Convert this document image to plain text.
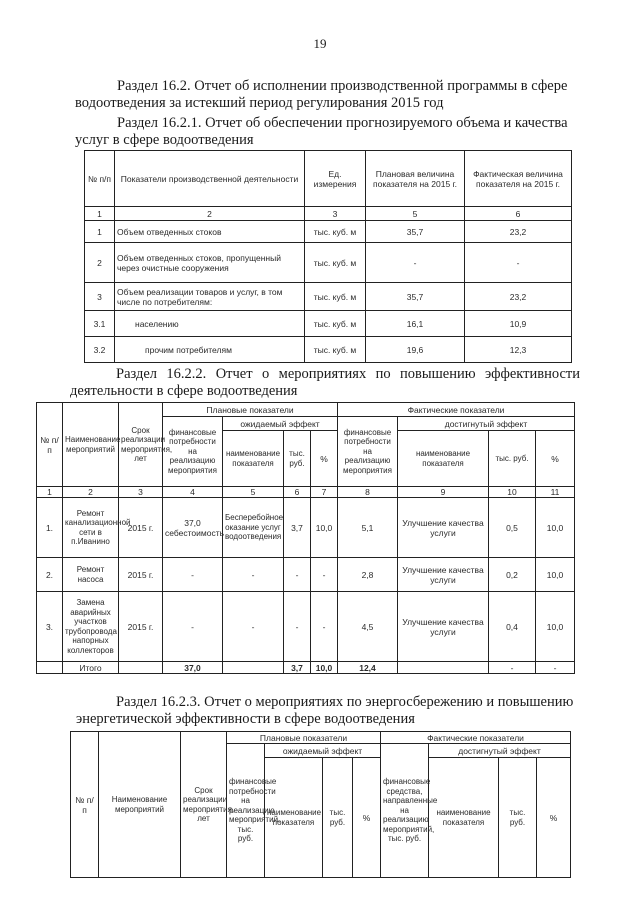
19
Раздел 16.2. Отчет об исполнении производственной программы в сфере
водоотведения за истекший период регулирования 2015 год
Раздел 16.2.1. Отчет об обеспечении прогнозируемого объема и качества
услуг в сфере водоотведения
№ п/п	Показатели производственной деятельности	Ед. измерения	Плановая величина показателя на 2015 г.	Фактическая величина показателя на 2015 г.
1	2	3	5	6
1	Объем отведенных стоков	тыс. куб. м	35,7	23,2
2	Объем отведенных стоков, пропущенный через очистные сооружения	тыс. куб. м	-	-
3	Объем реализации товаров и услуг, в том числе по потребителям:	тыс. куб. м	35,7	23,2
3.1	населению	тыс. куб. м	16,1	10,9
3.2	прочим потребителям	тыс. куб. м	19,6	12,3
Раздел 16.2.2. Отчет о мероприятиях по повышению эффективности
деятельности в сфере водоотведения
№ п/п	Наименование мероприятий	Срок реализации мероприятия, лет	Плановые показатели				Фактические показатели			
			финансовые потребности на реализацию мероприятия	ожидаемый эффект			финансовые потребности на реализацию мероприятия	достигнутый эффект		
				наименование показателя	тыс. руб.	%		наименование показателя	тыс. руб.	%
1	2	3	4	5	6	7	8	9	10	11
1.	Ремонт канализационной сети в п.Иванино	2015 г.	37,0 себестоимость	Бесперебойное оказание услуг водоотведения	3,7	10,0	5,1	Улучшение качества услуги	0,5	10,0
2.	Ремонт насоса	2015 г.	-	-	-	-	2,8	Улучшение качества услуги	0,2	10,0
3.	Замена аварийных участков трубопровода напорных коллекторов	2015 г.	-	-	-	-	4,5	Улучшение качества услуги	0,4	10,0
	Итого		37,0		3,7	10,0	12,4		-	-
Раздел 16.2.3. Отчет о мероприятиях по энергосбережению и повышению
энергетической эффективности в сфере водоотведения
№ п/п	Наименование мероприятий	Срок реализации мероприятия, лет	Плановые показатели				Фактические показатели			
			финансовые потребности на реализацию мероприятий, тыс. руб.	ожидаемый эффект			финансовые средства, направленные на реализацию мероприятий, тыс. руб.	достигнутый эффект		
				наименование показателя	тыс. руб.	%		наименование показателя	тыс. руб.	%
